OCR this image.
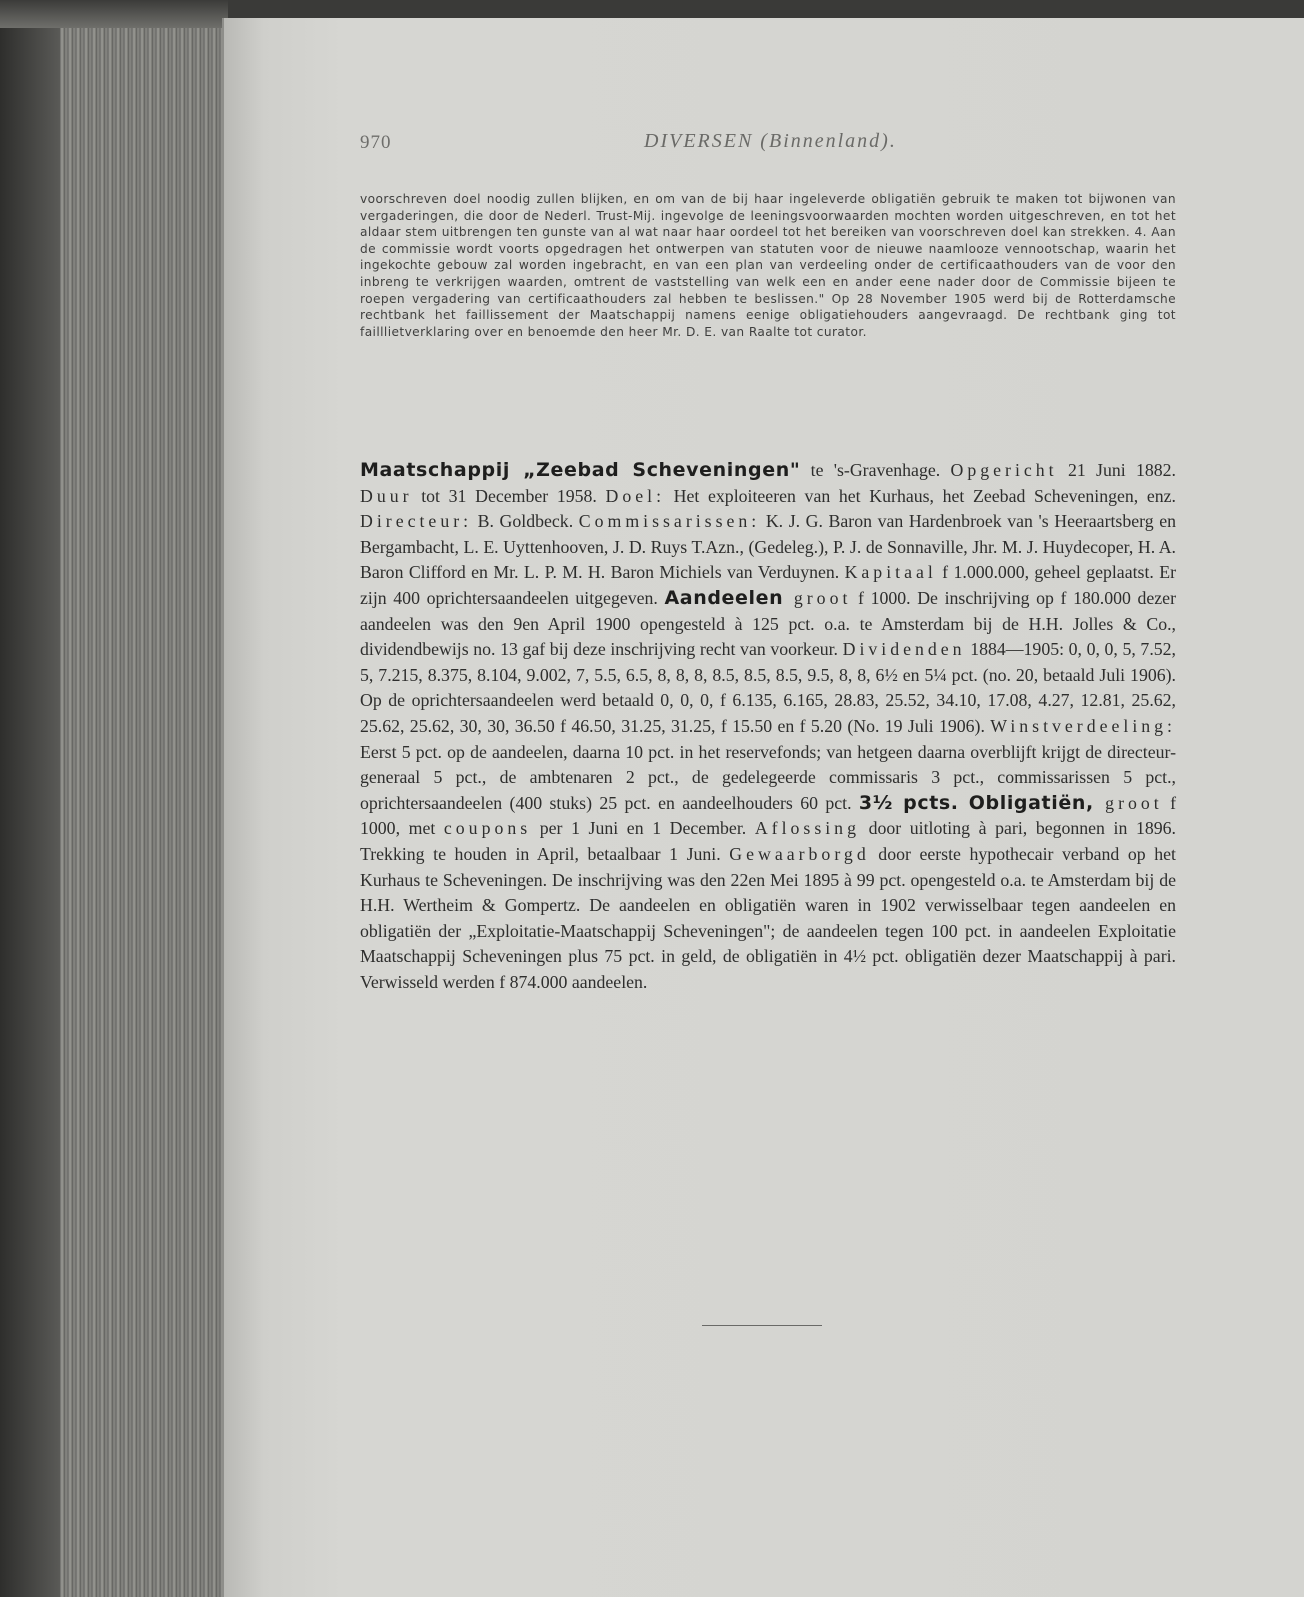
970	DIVERSEN (Binnenland).

voorschreven doel noodig zullen blijken, en om van de bij haar ingeleverde obligatiën gebruik te maken tot bijwonen van vergaderingen, die door de Nederl. Trust-Mij. ingevolge de leeningsvoorwaarden mochten worden uitgeschreven, en tot het aldaar stem uitbrengen ten gunste van al wat naar haar oordeel tot het bereiken van voorschreven doel kan strekken. 4. Aan de commissie wordt voorts opgedragen het ontwerpen van statuten voor de nieuwe naamlooze vennootschap, waarin het ingekochte gebouw zal worden ingebracht, en van een plan van verdeeling onder de certificaathouders van de voor den inbreng te verkrijgen waarden, omtrent de vaststelling van welk een en ander eene nader door de Commissie bijeen te roepen vergadering van certificaathouders zal hebben te beslissen." Op 28 November 1905 werd bij de Rotterdamsche rechtbank het faillissement der Maatschappij namens eenige obligatiehouders aangevraagd. De rechtbank ging tot failllietverklaring over en benoemde den heer Mr. D. E. van Raalte tot curator.

Maatschappij „Zeebad Scheveningen" te 's-Gravenhage. Opgericht 21 Juni 1882. Duur tot 31 December 1958. Doel: Het exploiteeren van het Kurhaus, het Zeebad Scheveningen, enz. Directeur: B. Goldbeck. Commissarissen: K. J. G. Baron van Hardenbroek van 's Heeraartsberg en Bergambacht, L. E. Uyttenhooven, J. D. Ruys T.Azn., (Gedeleg.), P. J. de Sonnaville, Jhr. M. J. Huydecoper, H. A. Baron Clifford en Mr. L. P. M. H. Baron Michiels van Verduynen. Kapitaal f 1.000.000, geheel geplaatst. Er zijn 400 oprichtersaandeelen uitgegeven. Aandeelen groot f 1000. De inschrijving op f 180.000 dezer aandeelen was den 9en April 1900 opengesteld à 125 pct. o.a. te Amsterdam bij de H.H. Jolles & Co., dividendbewijs no. 13 gaf bij deze inschrijving recht van voorkeur. Dividenden 1884—1905: 0, 0, 0, 5, 7.52, 5, 7.215, 8.375, 8.104, 9.002, 7, 5.5, 6.5, 8, 8, 8, 8.5, 8.5, 8.5, 9.5, 8, 8, 6½ en 5¼ pct. (no. 20, betaald Juli 1906). Op de oprichtersaandeelen werd betaald 0, 0, 0, f 6.135, 6.165, 28.83, 25.52, 34.10, 17.08, 4.27, 12.81, 25.62, 25.62, 25.62, 30, 30, 36.50 f 46.50, 31.25, 31.25, f 15.50 en f 5.20 (No. 19 Juli 1906). Winstverdeeling: Eerst 5 pct. op de aandeelen, daarna 10 pct. in het reservefonds; van hetgeen daarna overblijft krijgt de directeur-generaal 5 pct., de ambtenaren 2 pct., de gedelegeerde commissaris 3 pct., commissarissen 5 pct., oprichtersaandeelen (400 stuks) 25 pct. en aandeelhouders 60 pct. 3½ pcts. Obligatiën, groot f 1000, met coupons per 1 Juni en 1 December. Aflossing door uitloting à pari, begonnen in 1896. Trekking te houden in April, betaalbaar 1 Juni. Gewaarborgd door eerste hypothecair verband op het Kurhaus te Scheveningen. De inschrijving was den 22en Mei 1895 à 99 pct. opengesteld o.a. te Amsterdam bij de H.H. Wertheim & Gompertz. De aandeelen en obligatiën waren in 1902 verwisselbaar tegen aandeelen en obligatiën der „Exploitatie-Maatschappij Scheveningen"; de aandeelen tegen 100 pct. in aandeelen Exploitatie Maatschappij Scheveningen plus 75 pct. in geld, de obligatiën in 4½ pct. obligatiën dezer Maatschappij à pari. Verwisseld werden f 874.000 aandeelen.
